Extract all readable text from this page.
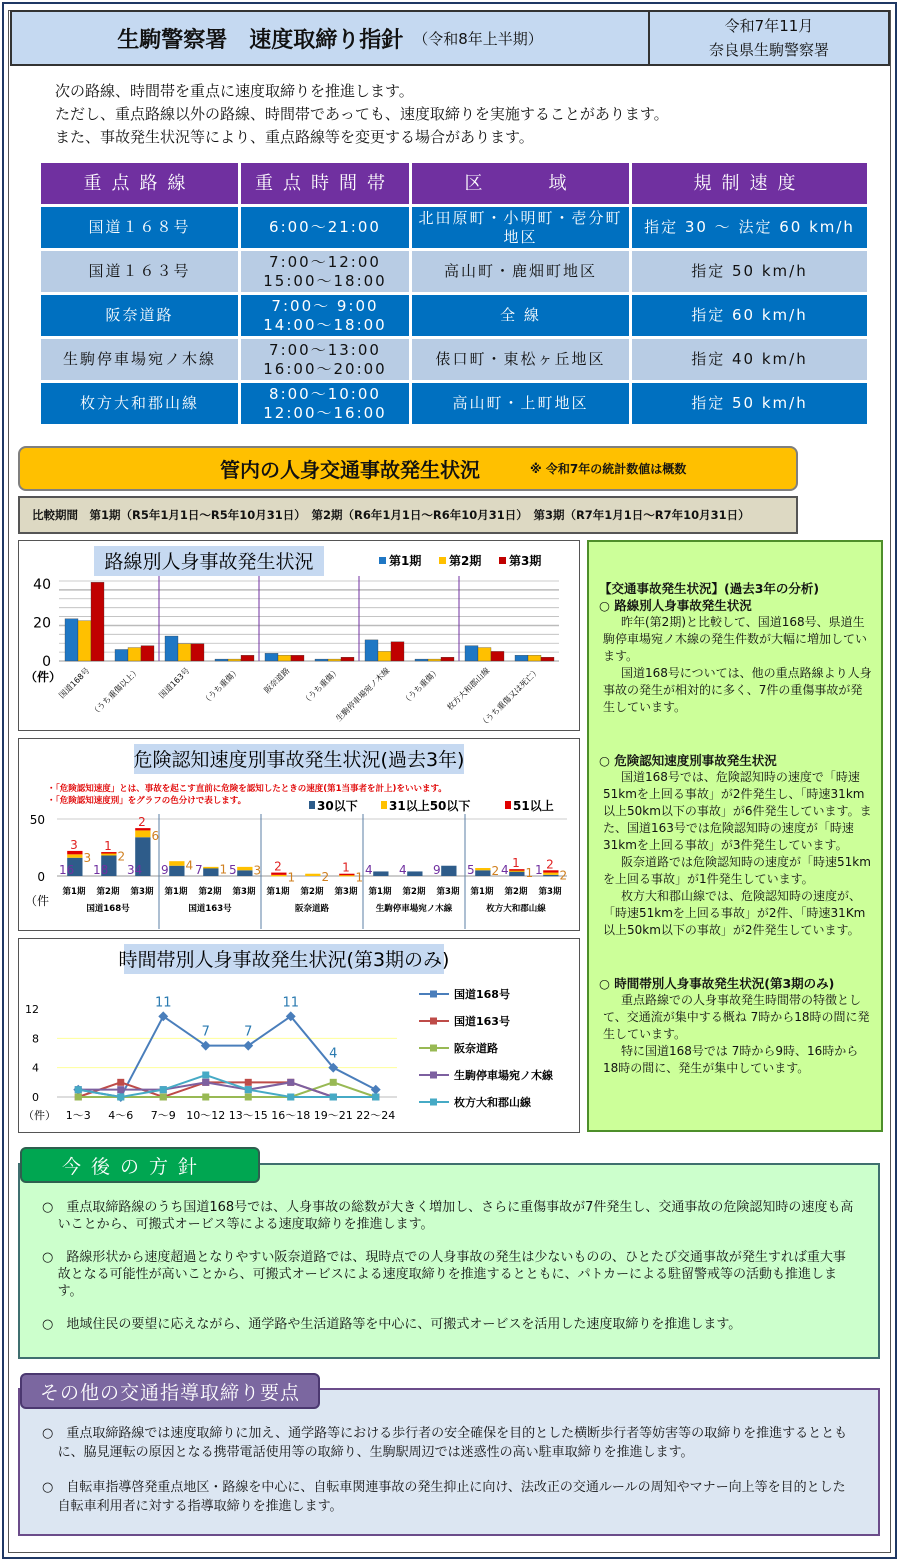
生駒警察署　速度取締り指針 （令和8年上半期）
令和7年11月
奈良県生駒警察署
次の路線、時間帯を重点に速度取締りを推進します。
ただし、重点路線以外の路線、時間帯であっても、速度取締りを実施することがあります。
また、事故発生状況等により、重点路線等を変更する場合があります。
重点路線	重点時間帯	区　　域	規制速度
国道１６８号	6:00〜21:00	北田原町・小明町・壱分町地区	指定 30 〜 法定 60 km/h
国道１６３号	7:00〜12:00 15:00〜18:00	高山町・鹿畑町地区	指定 50 km/h
阪奈道路	7:00〜 9:00 14:00〜18:00	全 線	指定 60 km/h
生駒停車場宛ノ木線	7:00〜13:00 16:00〜20:00	俵口町・東松ヶ丘地区	指定 40 km/h
枚方大和郡山線	8:00〜10:00 12:00〜16:00	高山町・上町地区	指定 50 km/h
管内の人身交通事故発生状況	※ 令和7年の統計数値は概数
比較期間　第1期（R5年1月1日〜R5年10月31日）　第2期（R6年1月1日〜R6年10月31日）　第3期（R7年1月1日〜R7年10月31日）
路線別人身事故発生状況	第1期 第2期 第3期
0
20
40
（件）
国道168号
（うち重傷以上） 国道163号 （うち重傷）	阪奈道路 （うち重傷）
生駒停車場宛ノ木線 （うち重傷） 枚方大和郡山線
（うち重傷又は死亡）
危険認知速度別事故発生状況(過去3年)
・「危険認知速度」とは、事故を起こす直前に危険を認知したときの速度(第1当事者を計上)をいいます。
・「危険認知速度別」をグラフの色分けで表します。	30以下	31以上50以下	51以上
0
50
（件
国道168号
第1期
16
3
3
第2期
18
2
1
第3期
34
6
2
国道163号
第1期
9 4
第2期
7 1
第3期
5 3
阪奈道路
第1期
1
2
第2期
2
第3期
1
1
生駒停車場宛ノ木線
第1期
4
第2期
4
第3期
9
枚方大和郡山線
第1期
5 2
第2期
4 1
1
第3期
1 2
2
時間帯別人身事故発生状況(第3期のみ)
0
4
8
12
（件） 1〜3 4〜6 7〜9 10〜12 13〜15 16〜18 19〜21 22〜24
11
7	7
11
4
国道168号
国道163号
阪奈道路
生駒停車場宛ノ木線
枚方大和郡山線
【交通事故発生状況】(過去3年の分析)
○ 路線別人身事故発生状況

昨年(第2期)と比較して、国道168号、県道生駒停車場宛ノ木線の発生件数が大幅に増加しています。

国道168号については、他の重点路線より人身事故の発生が相対的に多く、7件の重傷事故が発生しています。

○ 危険認知速度別事故発生状況

国道168号では、危険認知時の速度で「時速51kmを上回る事故」が2件発生し、「時速31km以上50km以下の事故」が6件発生しています。また、国道163号では危険認知時の速度が「時速31kmを上回る事故」が3件発生しています。

阪奈道路では危険認知時の速度が「時速51kmを上回る事故」が1件発生しています。

枚方大和郡山線では、危険認知時の速度が、「時速51kmを上回る事故」が2件、「時速31Km以上50km以下の事故」が2件発生しています。

○ 時間帯別人身事故発生状況(第3期のみ)

重点路線での人身事故発生時間帯の特徴として、交通流が集中する概ね 7時から18時の間に発生しています。

特に国道168号では 7時から9時、16時から18時の間に、発生が集中しています。

今後の方針

○　重点取締路線のうち国道168号では、人身事故の総数が大きく増加し、さらに重傷事故が7件発生し、交通事故の危険認知時の速度も高いことから、可搬式オービス等による速度取締りを推進します。

○　路線形状から速度超過となりやすい阪奈道路では、現時点での人身事故の発生は少ないものの、ひとたび交通事故が発生すれば重大事故となる可能性が高いことから、可搬式オービスによる速度取締りを推進するとともに、パトカーによる駐留警戒等の活動も推進します。

○　地域住民の要望に応えながら、通学路や生活道路等を中心に、可搬式オービスを活用した速度取締りを推進します。

その他の交通指導取締り要点

○　重点取締路線では速度取締りに加え、通学路等における歩行者の安全確保を目的とした横断歩行者等妨害等の取締りを推進するとともに、脇見運転の原因となる携帯電話使用等の取締り、生駒駅周辺では迷惑性の高い駐車取締りを推進します。

○　自転車指導啓発重点地区・路線を中心に、自転車関連事故の発生抑止に向け、法改正の交通ルールの周知やマナー向上等を目的とした自転車利用者に対する指導取締りを推進します。
